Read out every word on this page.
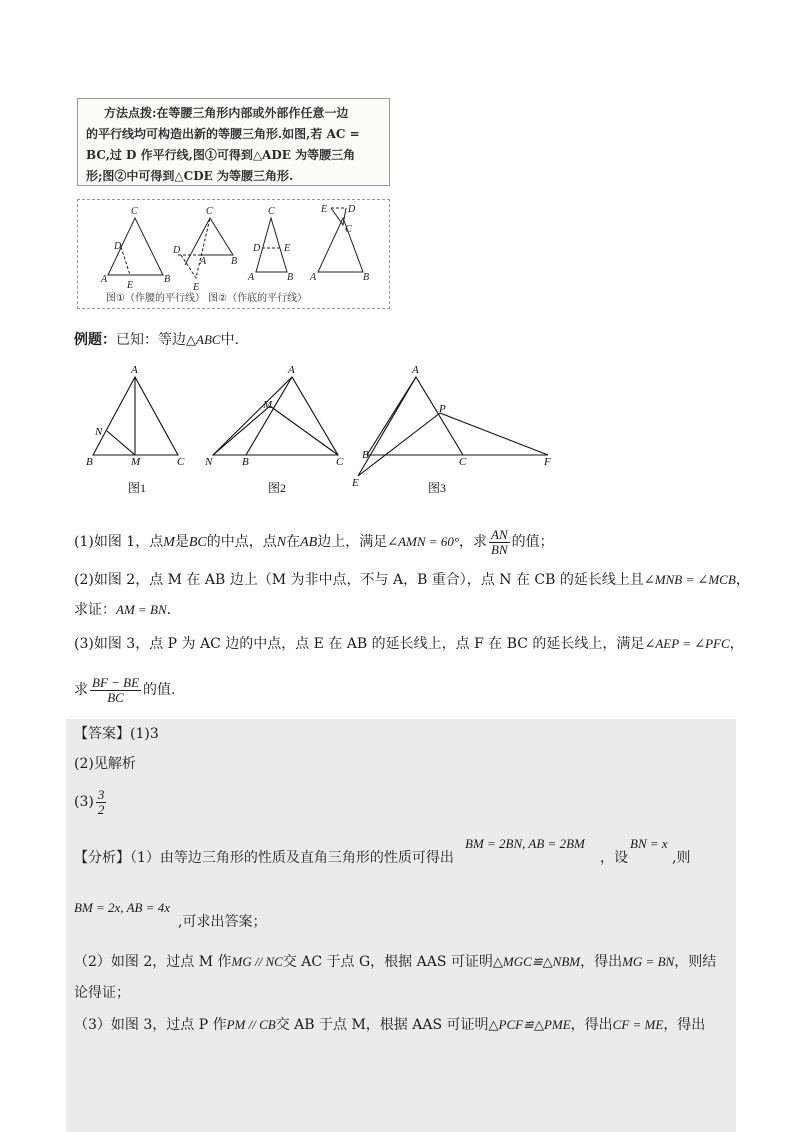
方法点拨:在等腰三角形内部或外部作任意一边
的平行线均可构造出新的等腰三角形.如图,若 AC =
BC,过 D 作平行线,图①可得到△ADE 为等腰三角
形;图②中可得到△CDE 为等腰三角形.
C
D
A
E
B
C
D
A B
E
C
D E
A	B
E D
C
A	B
图①（作腰的平行线） 图②（作底的平行线）
例题：已知：等边△ABC中.
A
N
B	M	C
A
M
N	B	C
A
P
B
E
C	F
图1	图2	图3
(1)如图 1，点M是BC的中点，点N在AB边上，满足∠AMN = 60°，求 $\frac{AN}{BN}$ 的值；
(2)如图 2，点 M 在 AB 边上（M 为非中点，不与 A，B 重合），点 N 在 CB 的延长线上且∠MNB = ∠MCB，
求证：AM = BN.
(3)如图 3，点 P 为 AC 边的中点，点 E 在 AB 的延长线上，点 F 在 BC 的延长线上，满足∠AEP = ∠PFC，
求 $\frac{BF - BE}{BC}$ 的值.
【答案】(1)3
(2)见解析
$(3) \frac{3}{2}$
【分析】（1）由等边三角形的性质及直角三角形的性质可得出
BM = 2BN, AB = 2BM
，设
BN = x
,则
BM = 2x, AB = 4x
,可求出答案；
（2）如图 2，过点 M 作MG // NC交 AC 于点 G，根据 AAS 可证明△MGC≌△NBM，得出MG = BN，则结
论得证；
（3）如图 3，过点 P 作PM // CB交 AB 于点 M，根据 AAS 可证明△PCF≌△PME，得出CF = ME，得出
